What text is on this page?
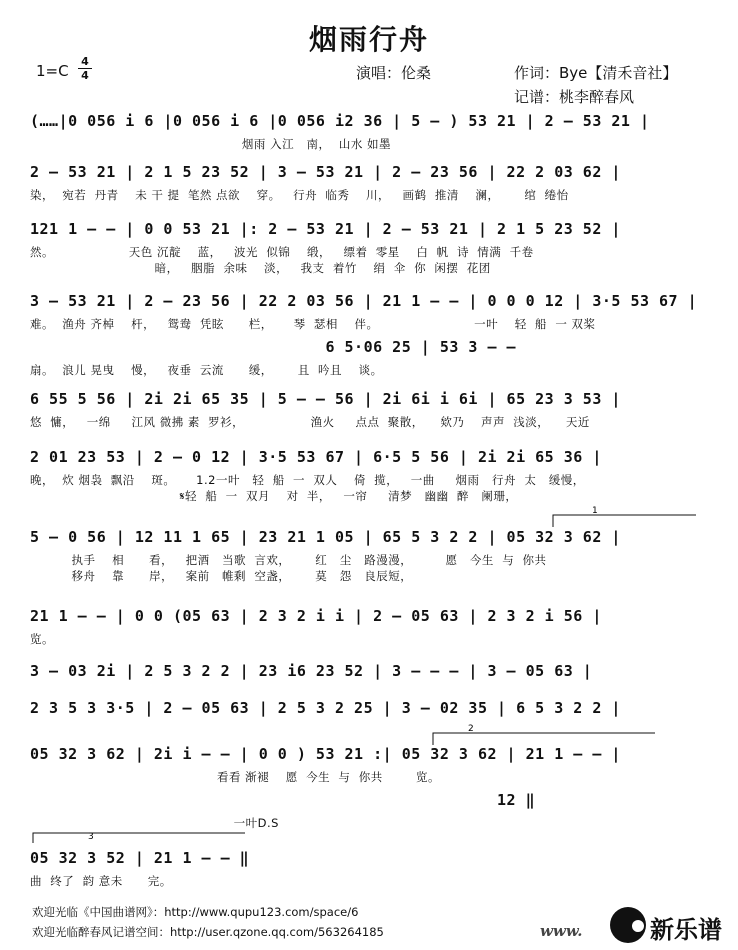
烟雨行舟
1=C
4
4	演唱：伦桑	作词：Bye【清禾音社】
记谱：桃李醉春风
(……|0 056 i 6 |0 056 i 6 |0 056 i2 36 | 5 – ) 53 21 | 2 – 53 21 |
烟雨 入江   南，  山水 如墨
2 – 53 21 | 2 1 5 23 52 | 3 – 53 21 | 2 – 23 56 | 22 2 03 62 |
染，  宛若  丹青    未 干 提  笔然 点欲    穿。   行舟  临秀    川，   画鹤  推清    澜，      绾  绻怡
121 1 – – | 0 0 53 21 |: 2 – 53 21 | 2 – 53 21 | 2 1 5 23 52 |
然。                  天色 沉靛    蓝，   波光  似锦    缎，   缥着  零星    白  帆  诗  情满  千卷
暗，   胭脂  余味    淡，   我支  着竹    绢  伞  你  闲摆  花团
3 – 53 21 | 2 – 23 56 | 22 2 03 56 | 21 1 – – | 0 0 0 12 | 3·5 53 67 |
难。  渔舟 齐棹    杆，   鸳鸯  凭眩      栏，     琴  瑟相    伴。                       一叶    轻  船  一 双桨
6 5·06 25 | 53 3 – –
扇。  浪儿 晃曳    慢，   夜垂  云流      缓，      且  吟且    谈。
6 55 5 56 | 2i 2i 65 35 | 5 – – 56 | 2i 6i i 6i | 65 23 3 53 |
悠  慵，   一绵     江风 微拂 素  罗衫，                渔火     点点  聚散，    欸乃    声声  浅淡，    天近
2 01 23 53 | 2 – 0 12 | 3·5 53 67 | 6·5 5 56 | 2i 2i 65 36 |
晚，  炊 烟袅  飘沿    斑。     1.2一叶   轻  船  一  双人    倚  揽，   一曲     烟雨   行舟  太   缓慢，
𝄋轻  船  一  双月    对  半，   一帘     清梦   幽幽  醉   阑珊，
5 – 0 56 | 12 11 1 65 | 23 21 1 05 | 65 5 3 2 2 | 05 32 3 62 |
执手    相      看，   把酒   当歌  言欢，      红   尘   路漫漫，        愿   今生  与  你共
移舟    靠      岸，   案前   帷剩  空盏，      莫   怨   良辰短，
21 1 – – | 0 0 (05 63 | 2 3 2 i i | 2 – 05 63 | 2 3 2 i 56 |
览。
3 – 03 2i | 2 5 3 2 2 | 23 i6 23 52 | 3 – – – | 3 – 05 63 |
2 3 5 3 3·5 | 2 – 05 63 | 2 5 3 2 25 | 3 – 02 35 | 6 5 3 2 2 |
05 32 3 62 | 2i i – – | 0 0 ) 53 21 :| 05 32 3 62 | 21 1 – – |
看看 渐褪    愿  今生  与  你共        览。
12 ‖
一叶D.S
05 32 3 52 | 21 1 – – ‖
曲  终了  韵 意未      完。
1
2
3
欢迎光临《中国曲谱网》：http://www.qupu123.com/space/6
欢迎光临醉春风记谱空间：http://user.qzone.qq.com/563264185	www.	新乐谱
